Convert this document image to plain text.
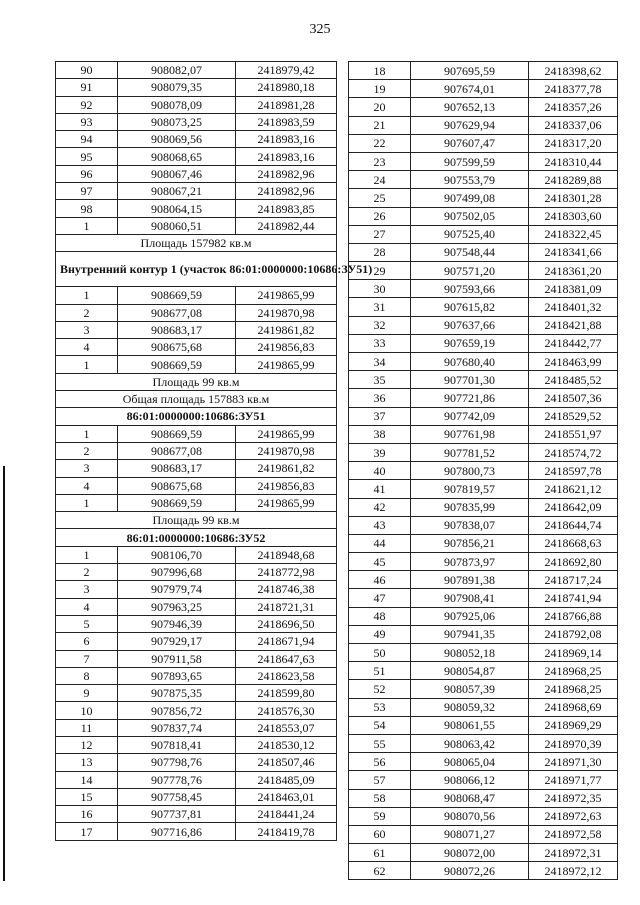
325
90	908082,07	2418979,42
91	908079,35	2418980,18
92	908078,09	2418981,28
93	908073,25	2418983,59
94	908069,56	2418983,16
95	908068,65	2418983,16
96	908067,46	2418982,96
97	908067,21	2418982,96
98	908064,15	2418983,85
1	908060,51	2418982,44
Площадь 157982 кв.м		
Внутренний контур 1 (участок 86:01:0000000:10686:ЗУ51)		
1	908669,59	2419865,99
2	908677,08	2419870,98
3	908683,17	2419861,82
4	908675,68	2419856,83
1	908669,59	2419865,99
Площадь 99 кв.м		
Общая площадь 157883 кв.м		
86:01:0000000:10686:ЗУ51		
1	908669,59	2419865,99
2	908677,08	2419870,98
3	908683,17	2419861,82
4	908675,68	2419856,83
1	908669,59	2419865,99
Площадь 99 кв.м		
86:01:0000000:10686:ЗУ52		
1	908106,70	2418948,68
2	907996,68	2418772,98
3	907979,74	2418746,38
4	907963,25	2418721,31
5	907946,39	2418696,50
6	907929,17	2418671,94
7	907911,58	2418647,63
8	907893,65	2418623,58
9	907875,35	2418599,80
10	907856,72	2418576,30
11	907837,74	2418553,07
12	907818,41	2418530,12
13	907798,76	2418507,46
14	907778,76	2418485,09
15	907758,45	2418463,01
16	907737,81	2418441,24
17	907716,86	2418419,78
18	907695,59	2418398,62
19	907674,01	2418377,78
20	907652,13	2418357,26
21	907629,94	2418337,06
22	907607,47	2418317,20
23	907599,59	2418310,44
24	907553,79	2418289,88
25	907499,08	2418301,28
26	907502,05	2418303,60
27	907525,40	2418322,45
28	907548,44	2418341,66
29	907571,20	2418361,20
30	907593,66	2418381,09
31	907615,82	2418401,32
32	907637,66	2418421,88
33	907659,19	2418442,77
34	907680,40	2418463,99
35	907701,30	2418485,52
36	907721,86	2418507,36
37	907742,09	2418529,52
38	907761,98	2418551,97
39	907781,52	2418574,72
40	907800,73	2418597,78
41	907819,57	2418621,12
42	907835,99	2418642,09
43	907838,07	2418644,74
44	907856,21	2418668,63
45	907873,97	2418692,80
46	907891,38	2418717,24
47	907908,41	2418741,94
48	907925,06	2418766,88
49	907941,35	2418792,08
50	908052,18	2418969,14
51	908054,87	2418968,25
52	908057,39	2418968,25
53	908059,32	2418968,69
54	908061,55	2418969,29
55	908063,42	2418970,39
56	908065,04	2418971,30
57	908066,12	2418971,77
58	908068,47	2418972,35
59	908070,56	2418972,63
60	908071,27	2418972,58
61	908072,00	2418972,31
62	908072,26	2418972,12
